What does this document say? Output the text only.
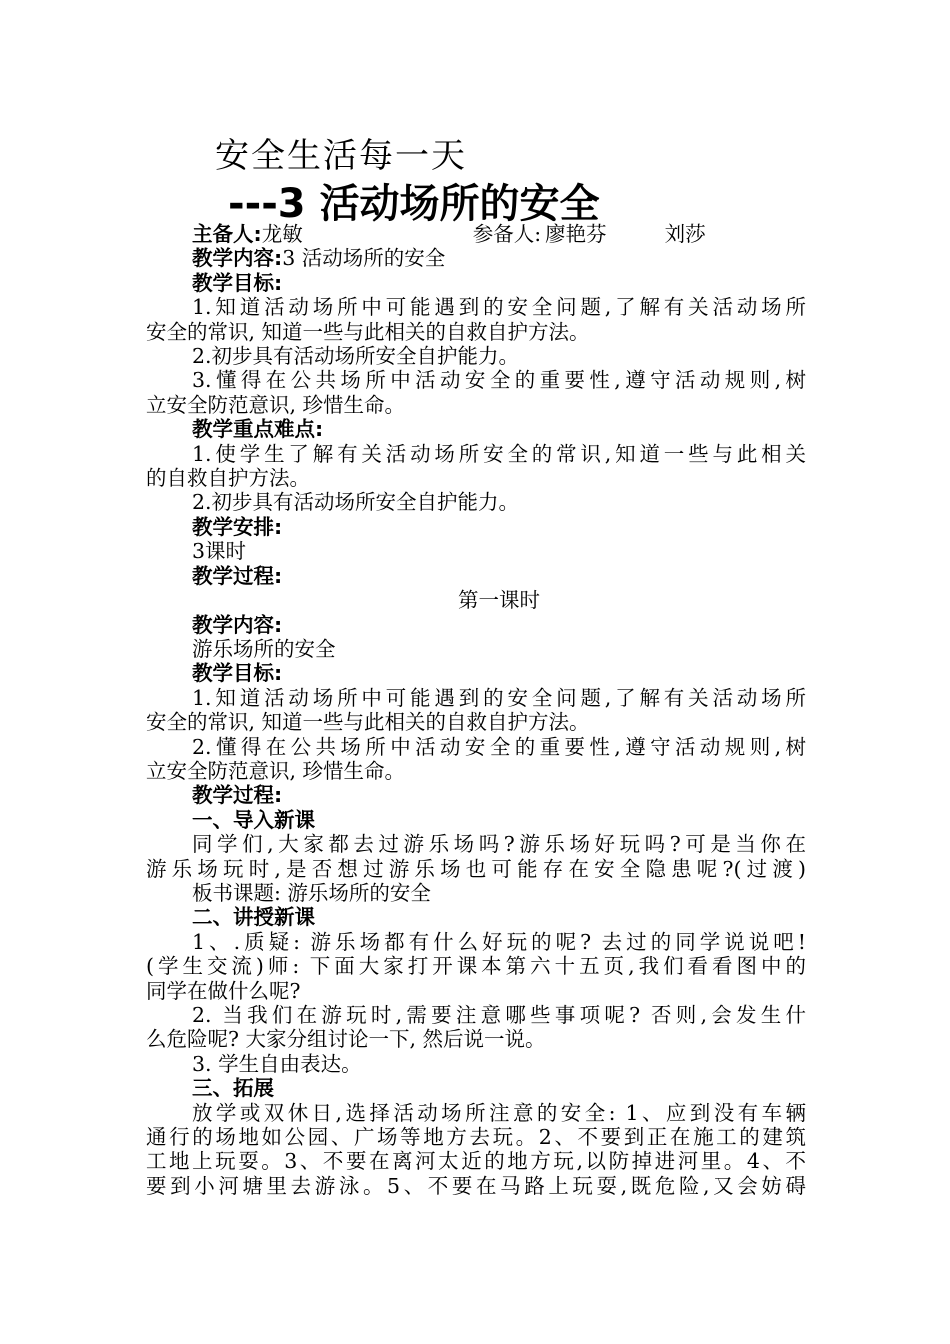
安全生活每一天
---3 活动场所的安全
主备人: 龙敏	参备人: 廖艳芬	刘莎
教学内容:3 活动场所的安全
教学目标:
1.知道活动场所中可能遇到的安全问题,了解有关活动场所
安全的常识, 知道一些与此相关的自救自护方法。
2.初步具有活动场所安全自护能力。
3.懂得在公共场所中活动安全的重要性,遵守活动规则,树
立安全防范意识, 珍惜生命。
教学重点难点:
1.使学生了解有关活动场所安全的常识,知道一些与此相关
的自救自护方法。
2.初步具有活动场所安全自护能力。
教学安排:
3课时
教学过程:
第一课时
教学内容:
游乐场所的安全
教学目标:
1.知道活动场所中可能遇到的安全问题,了解有关活动场所
安全的常识, 知道一些与此相关的自救自护方法。
2.懂得在公共场所中活动安全的重要性,遵守活动规则,树
立安全防范意识, 珍惜生命。
教学过程:
一、导入新课
同学们,大家都去过游乐场吗?游乐场好玩吗?可是当你在
游乐场玩时,是否想过游乐场也可能存在安全隐患呢?(过渡)
板书课题: 游乐场所的安全
二、讲授新课
1、.质疑: 游乐场都有什么好玩的呢? 去过的同学说说吧!
(学生交流)师: 下面大家打开课本第六十五页,我们看看图中的
同学在做什么呢?
2. 当我们在游玩时,需要注意哪些事项呢? 否则,会发生什
么危险呢? 大家分组讨论一下, 然后说一说。
3. 学生自由表达。
三、拓展
放学或双休日,选择活动场所注意的安全: 1、应到没有车辆
通行的场地如公园、广场等地方去玩。2、不要到正在施工的建筑
工地上玩耍。3、不要在离河太近的地方玩,以防掉进河里。4、不
要到小河塘里去游泳。5、不要在马路上玩耍,既危险,又会妨碍
